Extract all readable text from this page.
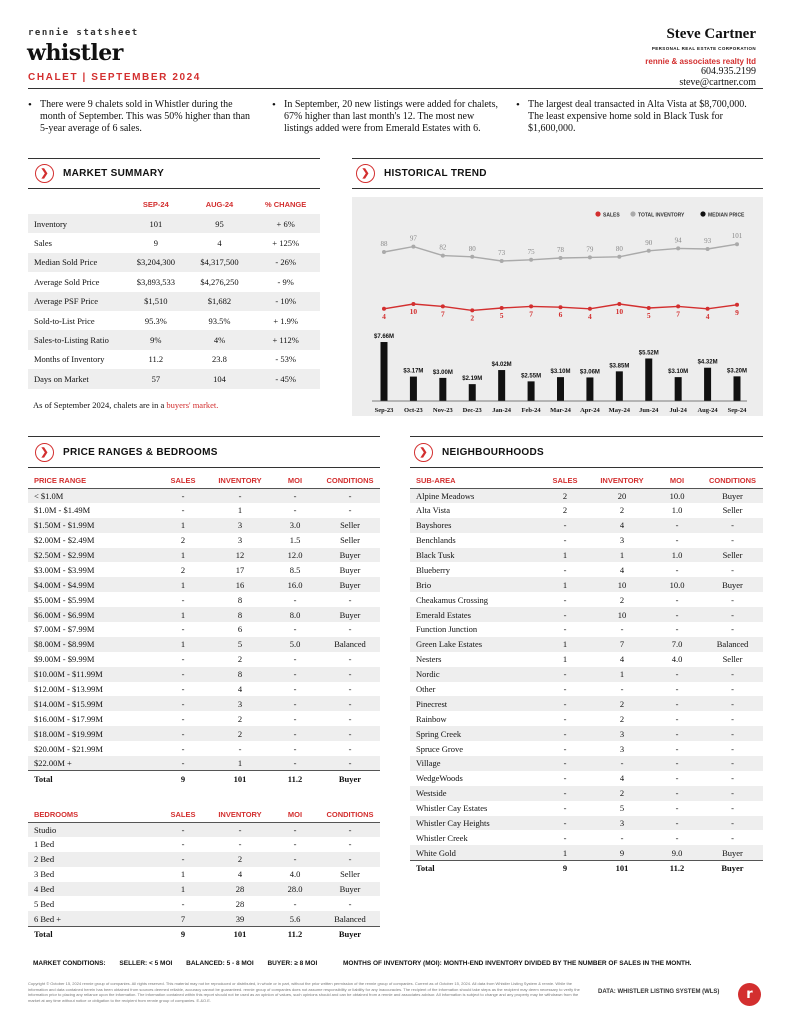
rennie statsheet
whistler
CHALET | SEPTEMBER 2024
Steve Cartner
PERSONAL REAL ESTATE CORPORATION
rennie & associates realty ltd
604.935.2199
steve@cartner.com
• There were 9 chalets sold in Whistler during the month of September. This was 50% higher than than 5-year average of 6 sales.
• In September, 20 new listings were added for chalets, 67% higher than last month's 12. The most new listings added were from Emerald Estates with 6.
• The largest deal transacted in Alta Vista at $8,700,000. The least expensive home sold in Black Tusk for $1,600,000.
❯	MARKET SUMMARY
	SEP-24	AUG-24	% CHANGE
Inventory	101	95	+ 6%
Sales	9	4	+ 125%
Median Sold Price	$3,204,300	$4,317,500	- 26%
Average Sold Price	$3,893,533	$4,276,250	- 9%
Average PSF Price	$1,510	$1,682	- 10%
Sold-to-List Price	95.3%	93.5%	+ 1.9%
Sales-to-Listing Ratio	9%	4%	+ 112%
Months of Inventory	11.2	23.8	- 53%
Days on Market	57	104	- 45%
As of September 2024, chalets are in a buyers' market.
❯	HISTORICAL TREND
SALES	TOTAL INVENTORY	MEDIAN PRICE
88
97
82	80
73	75	78	79	80
90	94	93
101
4
10	7	2	5	7	6	4
10	5	7	4	9
$7.66M
$3.17M $3.00M
$2.19M
$4.02M
$2.55M
$3.10M $3.06M
$3.85M
$5.52M
$3.10M
$4.32M
$3.20M
Sep-23 Oct-23 Nov-23 Dec-23 Jan-24 Feb-24 Mar-24 Apr-24 May-24 Jun-24 Jul-24 Aug-24 Sep-24
❯	PRICE RANGES & BEDROOMS
PRICE RANGE	SALES	INVENTORY	MOI	CONDITIONS
< $1.0M	-	-	-	-
$1.0M - $1.49M	-	1	-	-
$1.50M - $1.99M	1	3	3.0	Seller
$2.00M - $2.49M	2	3	1.5	Seller
$2.50M - $2.99M	1	12	12.0	Buyer
$3.00M - $3.99M	2	17	8.5	Buyer
$4.00M - $4.99M	1	16	16.0	Buyer
$5.00M - $5.99M	-	8	-	-
$6.00M - $6.99M	1	8	8.0	Buyer
$7.00M - $7.99M	-	6	-	-
$8.00M - $8.99M	1	5	5.0	Balanced
$9.00M - $9.99M	-	2	-	-
$10.00M - $11.99M	-	8	-	-
$12.00M - $13.99M	-	4	-	-
$14.00M - $15.99M	-	3	-	-
$16.00M - $17.99M	-	2	-	-
$18.00M - $19.99M	-	2	-	-
$20.00M - $21.99M	-	-	-	-
$22.00M +	-	1	-	-
Total	9	101	11.2	Buyer
BEDROOMS	SALES	INVENTORY	MOI	CONDITIONS
Studio	-	-	-	-
1 Bed	-	-	-	-
2 Bed	-	2	-	-
3 Bed	1	4	4.0	Seller
4 Bed	1	28	28.0	Buyer
5 Bed	-	28	-	-
6 Bed +	7	39	5.6	Balanced
Total	9	101	11.2	Buyer
❯	NEIGHBOURHOODS
SUB-AREA	SALES	INVENTORY	MOI	CONDITIONS
Alpine Meadows	2	20	10.0	Buyer
Alta Vista	2	2	1.0	Seller
Bayshores	-	4	-	-
Benchlands	-	3	-	-
Black Tusk	1	1	1.0	Seller
Blueberry	-	4	-	-
Brio	1	10	10.0	Buyer
Cheakamus Crossing	-	2	-	-
Emerald Estates	-	10	-	-
Function Junction	-	-	-	-
Green Lake Estates	1	7	7.0	Balanced
Nesters	1	4	4.0	Seller
Nordic	-	1	-	-
Other	-	-	-	-
Pinecrest	-	2	-	-
Rainbow	-	2	-	-
Spring Creek	-	3	-	-
Spruce Grove	-	3	-	-
Village	-	-	-	-
WedgeWoods	-	4	-	-
Westside	-	2	-	-
Whistler Cay Estates	-	5	-	-
Whistler Cay Heights	-	3	-	-
Whistler Creek	-	-	-	-
White Gold	1	9	9.0	Buyer
Total	9	101	11.2	Buyer
MARKET CONDITIONS: SELLER: < 5 MOI BALANCED: 5 - 8 MOI BUYER: ≥ 8 MOI	MONTHS OF INVENTORY (MOI): MONTH-END INVENTORY DIVIDED BY THE NUMBER OF SALES IN THE MONTH.
Copyright © October 15, 2024 rennie group of companies. All rights reserved. This material may not be reproduced or distributed, in whole or in part, without the prior written permission of the rennie group of companies. Current as of October 15, 2024. All data from Whistler Listing System & rennie. While the information and data contained herein has been obtained from sources deemed reliable, accuracy cannot be guaranteed. rennie group of companies does not assume responsibility or liability for any inaccuracies. The recipient of the information should take steps as the recipient may deem necessary to verify the information prior to placing any reliance upon the information. The information contained within this report should not be used as an opinion of values, such opinions should and can be obtained from a rennie and associates advisor. All information is subject to change and any property may be withdrawn from the market at any time without notice or obligation to the recipient from rennie group of companies. E.&O.E.
DATA: WHISTLER LISTING SYSTEM (WLS)	r
